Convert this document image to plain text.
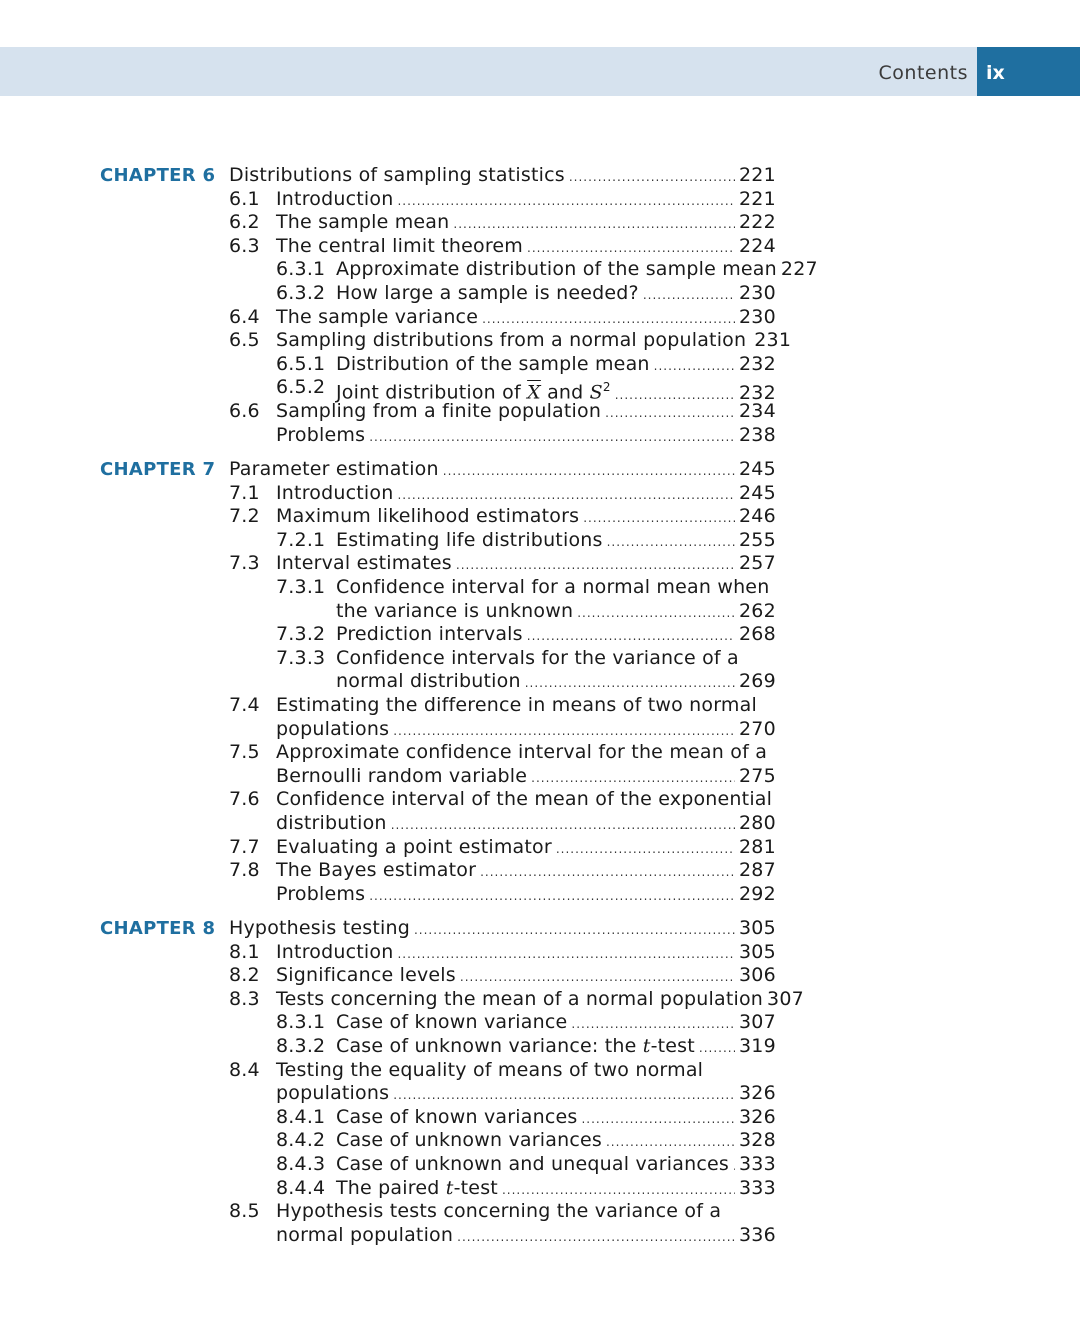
Contents ix
CHAPTER 6 Distributions of sampling statistics .....	221
6.1 Introduction .....	221
6.2 The sample mean .....	222
6.3 The central limit theorem .....	224
6.3.1 Approximate distribution of the sample mean 227
6.3.2 How large a sample is needed? .....	230
6.4 The sample variance .....	230
6.5 Sampling distributions from a normal population 231
6.5.1 Distribution of the sample mean .....	232
6.5.2 Joint distribution of $\overline{X}$ and $S^2$ .....	232
6.6 Sampling from a finite population .....	234
Problems .....	238
CHAPTER 7 Parameter estimation .....	245
7.1 Introduction .....	245
7.2 Maximum likelihood estimators .....	246
7.2.1 Estimating life distributions .....	255
7.3 Interval estimates .....	257
7.3.1 Confidence interval for a normal mean when
the variance is unknown .....	262
7.3.2 Prediction intervals .....	268
7.3.3 Confidence intervals for the variance of a
normal distribution .....	269
7.4 Estimating the difference in means of two normal
populations .....	270
7.5 Approximate confidence interval for the mean of a
Bernoulli random variable .....	275
7.6 Confidence interval of the mean of the exponential
distribution .....	280
7.7 Evaluating a point estimator .....	281
7.8 The Bayes estimator .....	287
Problems .....	292
CHAPTER 8 Hypothesis testing .....	305
8.1 Introduction .....	305
8.2 Significance levels .....	306
8.3 Tests concerning the mean of a normal population 307
8.3.1 Case of known variance .....	307
8.3.2 Case of unknown variance: the t-test ..... 319
8.4 Testing the equality of means of two normal
populations .....	326
8.4.1 Case of known variances .....	326
8.4.2 Case of unknown variances .....	328
8.4.3 Case of unknown and unequal variances ..... 333
8.4.4 The paired t-test .....	333
8.5 Hypothesis tests concerning the variance of a
normal population .....	336
